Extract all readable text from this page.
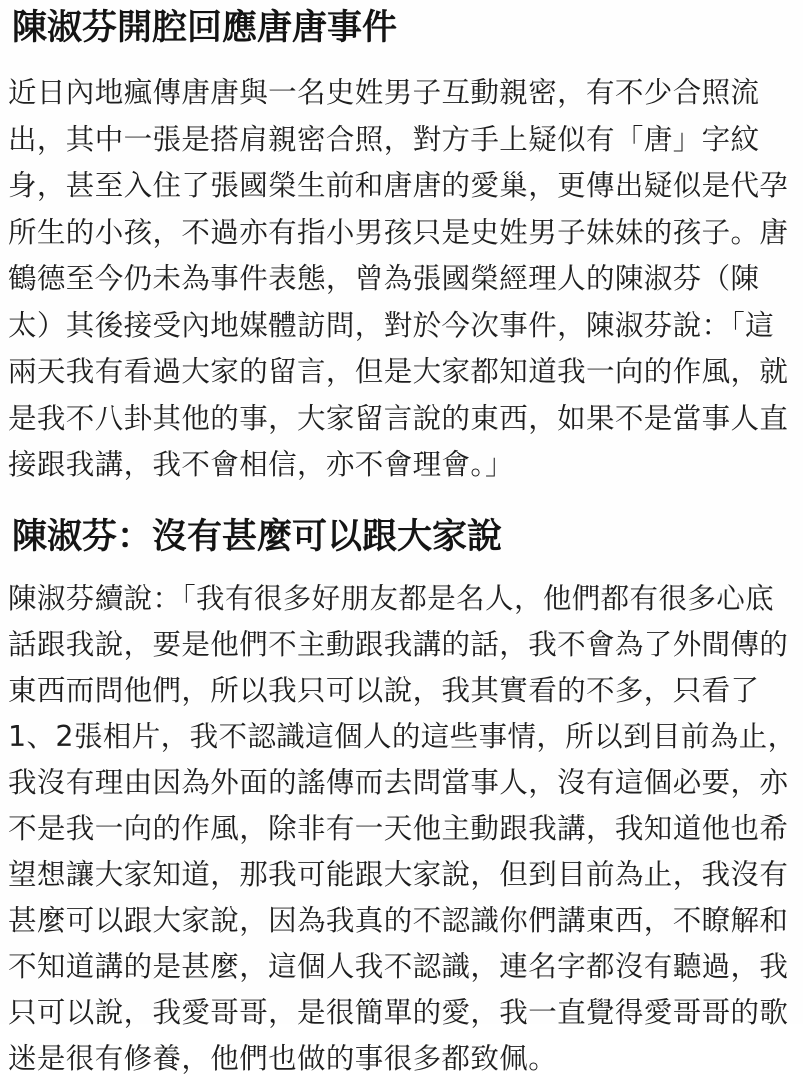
陳淑芬開腔回應唐唐事件
近日內地瘋傳唐唐與一名史姓男子互動親密，有不少合照流
出，其中一張是搭肩親密合照，對方手上疑似有「唐」字紋
身，甚至入住了張國榮生前和唐唐的愛巢，更傳出疑似是代孕
所生的小孩，不過亦有指小男孩只是史姓男子妹妹的孩子。唐
鶴德至今仍未為事件表態，曾為張國榮經理人的陳淑芬（陳
太）其後接受內地媒體訪問，對於今次事件，陳淑芬說：「這
兩天我有看過大家的留言，但是大家都知道我一向的作風，就
是我不八卦其他的事，大家留言說的東西，如果不是當事人直
接跟我講，我不會相信，亦不會理會。」
陳淑芬：沒有甚麼可以跟大家說
陳淑芬續說：「我有很多好朋友都是名人，他們都有很多心底
話跟我說，要是他們不主動跟我講的話，我不會為了外間傳的
東西而問他們，所以我只可以說，我其實看的不多，只看了
1、2張相片，我不認識這個人的這些事情，所以到目前為止，
我沒有理由因為外面的謠傳而去問當事人，沒有這個必要，亦
不是我一向的作風，除非有一天他主動跟我講，我知道他也希
望想讓大家知道，那我可能跟大家說，但到目前為止，我沒有
甚麼可以跟大家說，因為我真的不認識你們講東西，不瞭解和
不知道講的是甚麼，這個人我不認識，連名字都沒有聽過，我
只可以說，我愛哥哥，是很簡單的愛，我一直覺得愛哥哥的歌
迷是很有修養，他們也做的事很多都致佩。
